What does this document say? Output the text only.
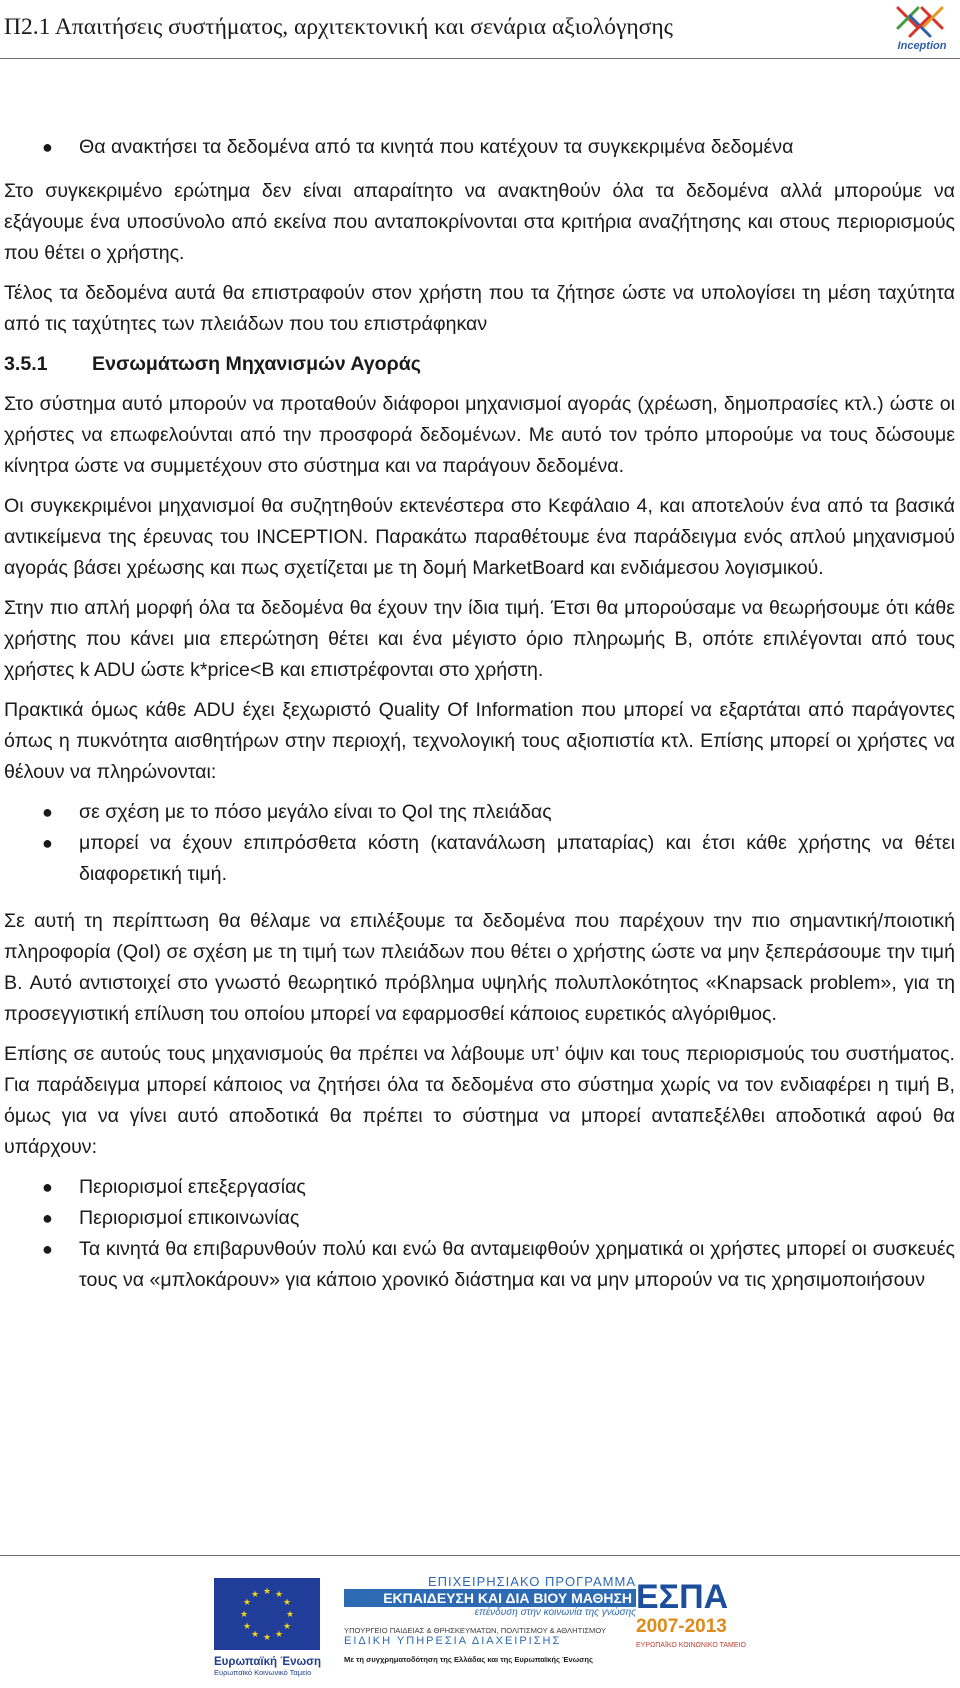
Π2.1 Απαιτήσεις συστήματος, αρχιτεκτονική και σενάρια αξιολόγησης
Inception
● Θα ανακτήσει τα δεδομένα από τα κινητά που κατέχουν τα συγκεκριμένα δεδομένα

Στο συγκεκριμένο ερώτημα δεν είναι απαραίτητο να ανακτηθούν όλα τα δεδομένα αλλά μπορούμε να εξάγουμε ένα υποσύνολο από εκείνα που ανταποκρίνονται στα κριτήρια αναζήτησης και στους περιορισμούς που θέτει ο χρήστης.

Τέλος τα δεδομένα αυτά θα επιστραφούν στον χρήστη που τα ζήτησε ώστε να υπολογίσει τη μέση ταχύτητα από τις ταχύτητες των πλειάδων που του επιστράφηκαν

3.5.1 Ενσωμάτωση Μηχανισμών Αγοράς

Στο σύστημα αυτό μπορούν να προταθούν διάφοροι μηχανισμοί αγοράς (χρέωση, δημοπρασίες κτλ.) ώστε οι χρήστες να επωφελούνται από την προσφορά δεδομένων. Με αυτό τον τρόπο μπορούμε να τους δώσουμε κίνητρα ώστε να συμμετέχουν στο σύστημα και να παράγουν δεδομένα.

Οι συγκεκριμένοι μηχανισμοί θα συζητηθούν εκτενέστερα στο Κεφάλαιο 4, και αποτελούν ένα από τα βασικά αντικείμενα της έρευνας του INCEPTION. Παρακάτω παραθέτουμε ένα παράδειγμα ενός απλού μηχανισμού αγοράς βάσει χρέωσης και πως σχετίζεται με τη δομή MarketBoard και ενδιάμεσου λογισμικού.

Στην πιο απλή μορφή όλα τα δεδομένα θα έχουν την ίδια τιμή. Έτσι θα μπορούσαμε να θεωρήσουμε ότι κάθε χρήστης που κάνει μια επερώτηση θέτει και ένα μέγιστο όριο πληρωμής B, οπότε επιλέγονται από τους χρήστες k ADU ώστε k*price<B και επιστρέφονται στο χρήστη.

Πρακτικά όμως κάθε ADU έχει ξεχωριστό Quality Of Information που μπορεί να εξαρτάται από παράγοντες όπως η πυκνότητα αισθητήρων στην περιοχή, τεχνολογική τους αξιοπιστία κτλ. Επίσης μπορεί οι χρήστες να θέλουν να πληρώνονται:

● σε σχέση με το πόσο μεγάλο είναι το QoI της πλειάδας
● μπορεί να έχουν επιπρόσθετα κόστη (κατανάλωση μπαταρίας) και έτσι κάθε χρήστης να θέτει διαφορετική τιμή.

Σε αυτή τη περίπτωση θα θέλαμε να επιλέξουμε τα δεδομένα που παρέχουν την πιο σημαντική/ποιοτική πληροφορία (QoI) σε σχέση με τη τιμή των πλειάδων που θέτει ο χρήστης ώστε να μην ξεπεράσουμε την τιμή B. Αυτό αντιστοιχεί στο γνωστό θεωρητικό πρόβλημα υψηλής πολυπλοκότητος «Knapsack problem», για τη προσεγγιστική επίλυση του οποίου μπορεί να εφαρμοσθεί κάποιος ευρετικός αλγόριθμος.

Επίσης σε αυτούς τους μηχανισμούς θα πρέπει να λάβουμε υπ’ όψιν και τους περιορισμούς του συστήματος. Για παράδειγμα μπορεί κάποιος να ζητήσει όλα τα δεδομένα στο σύστημα χωρίς να τον ενδιαφέρει η τιμή B, όμως για να γίνει αυτό αποδοτικά θα πρέπει το σύστημα να μπορεί ανταπεξέλθει αποδοτικά αφού θα υπάρχουν:

● Περιορισμοί επεξεργασίας
● Περιορισμοί επικοινωνίας
● Τα κινητά θα επιβαρυνθούν πολύ και ενώ θα ανταμειφθούν χρηματικά οι χρήστες μπορεί οι συσκευές τους να «μπλοκάρουν» για κάποιο χρονικό διάστημα και να μην μπορούν να τις χρησιμοποιήσουν
★ ★
★
★
★
★
★
★
★
★
★
★
Ευρωπαϊκή Ένωση
Ευρωπαϊκό Κοινωνικό Ταμείο
ΕΠΙΧΕΙΡΗΣΙΑΚΟ ΠΡΟΓΡΑΜΜΑ
ΕΚΠΑΙΔΕΥΣΗ ΚΑΙ ΔΙΑ ΒΙΟΥ ΜΑΘΗΣΗ
επένδυση στην κοινωνία της γνώσης
ΥΠΟΥΡΓΕΙΟ ΠΑΙΔΕΙΑΣ & ΘΡΗΣΚΕΥΜΑΤΩΝ, ΠΟΛΙΤΙΣΜΟΥ & ΑΘΛΗΤΙΣΜΟΥ
ΕΙΔΙΚΗ ΥΠΗΡΕΣΙΑ ΔΙΑΧΕΙΡΙΣΗΣ
Με τη συγχρηματοδότηση της Ελλάδας και της Ευρωπαϊκής Ένωσης
ΕΣΠΑ
2007-2013
ΕΥΡΩΠΑΪΚΟ ΚΟΙΝΩΝΙΚΟ ΤΑΜΕΙΟ
